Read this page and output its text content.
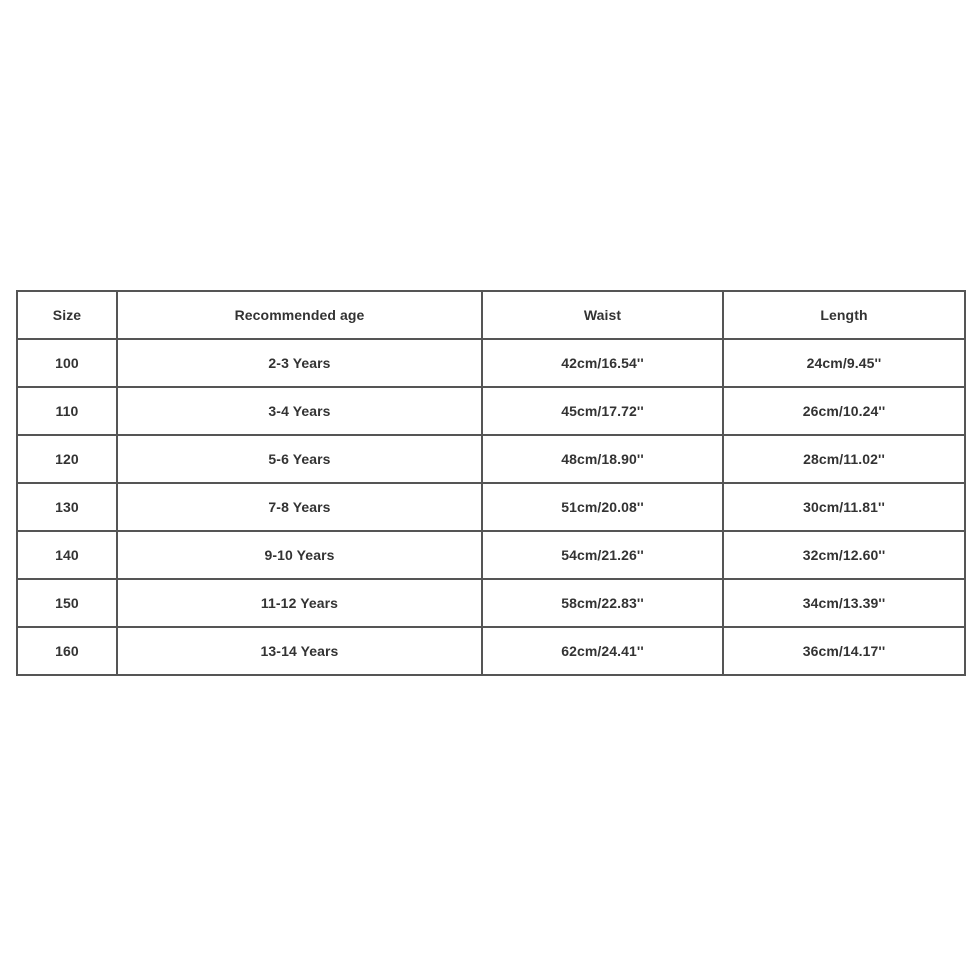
Size	Recommended age	Waist	Length
100	2-3 Years	42cm/16.54''	24cm/9.45''
110	3-4 Years	45cm/17.72''	26cm/10.24''
120	5-6 Years	48cm/18.90''	28cm/11.02''
130	7-8 Years	51cm/20.08''	30cm/11.81''
140	9-10 Years	54cm/21.26''	32cm/12.60''
150	11-12 Years	58cm/22.83''	34cm/13.39''
160	13-14 Years	62cm/24.41''	36cm/14.17''
